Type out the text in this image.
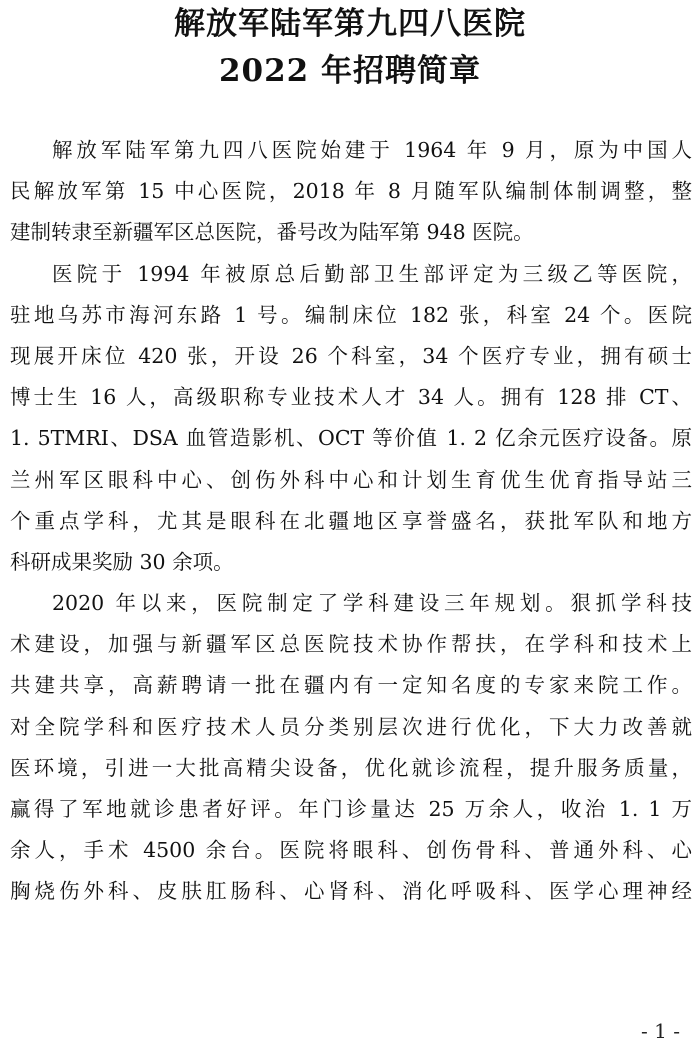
解放军陆军第九四八医院
2022 年招聘简章
解放军陆军第九四八医院始建于 1964 年 9 月，原为中国人
民解放军第 15 中心医院，2018 年 8 月随军队编制体制调整，整
建制转隶至新疆军区总医院，番号改为陆军第 948 医院。
医院于 1994 年被原总后勤部卫生部评定为三级乙等医院，
驻地乌苏市海河东路 1 号。编制床位 182 张，科室 24 个。医院
现展开床位 420 张，开设 26 个科室，34 个医疗专业，拥有硕士
博士生 16 人，高级职称专业技术人才 34 人。拥有 128 排 CT、
1. 5TMRI、DSA 血管造影机、OCT 等价值 1. 2 亿余元医疗设备。原
兰州军区眼科中心、创伤外科中心和计划生育优生优育指导站三
个重点学科，尤其是眼科在北疆地区享誉盛名，获批军队和地方
科研成果奖励 30 余项。
2020 年以来，医院制定了学科建设三年规划。狠抓学科技
术建设，加强与新疆军区总医院技术协作帮扶，在学科和技术上
共建共享，高薪聘请一批在疆内有一定知名度的专家来院工作。
对全院学科和医疗技术人员分类别层次进行优化，下大力改善就
医环境，引进一大批高精尖设备，优化就诊流程，提升服务质量，
赢得了军地就诊患者好评。年门诊量达 25 万余人，收治 1. 1 万
余人，手术 4500 余台。医院将眼科、创伤骨科、普通外科、心
胸烧伤外科、皮肤肛肠科、心肾科、消化呼吸科、医学心理神经
- 1 -
